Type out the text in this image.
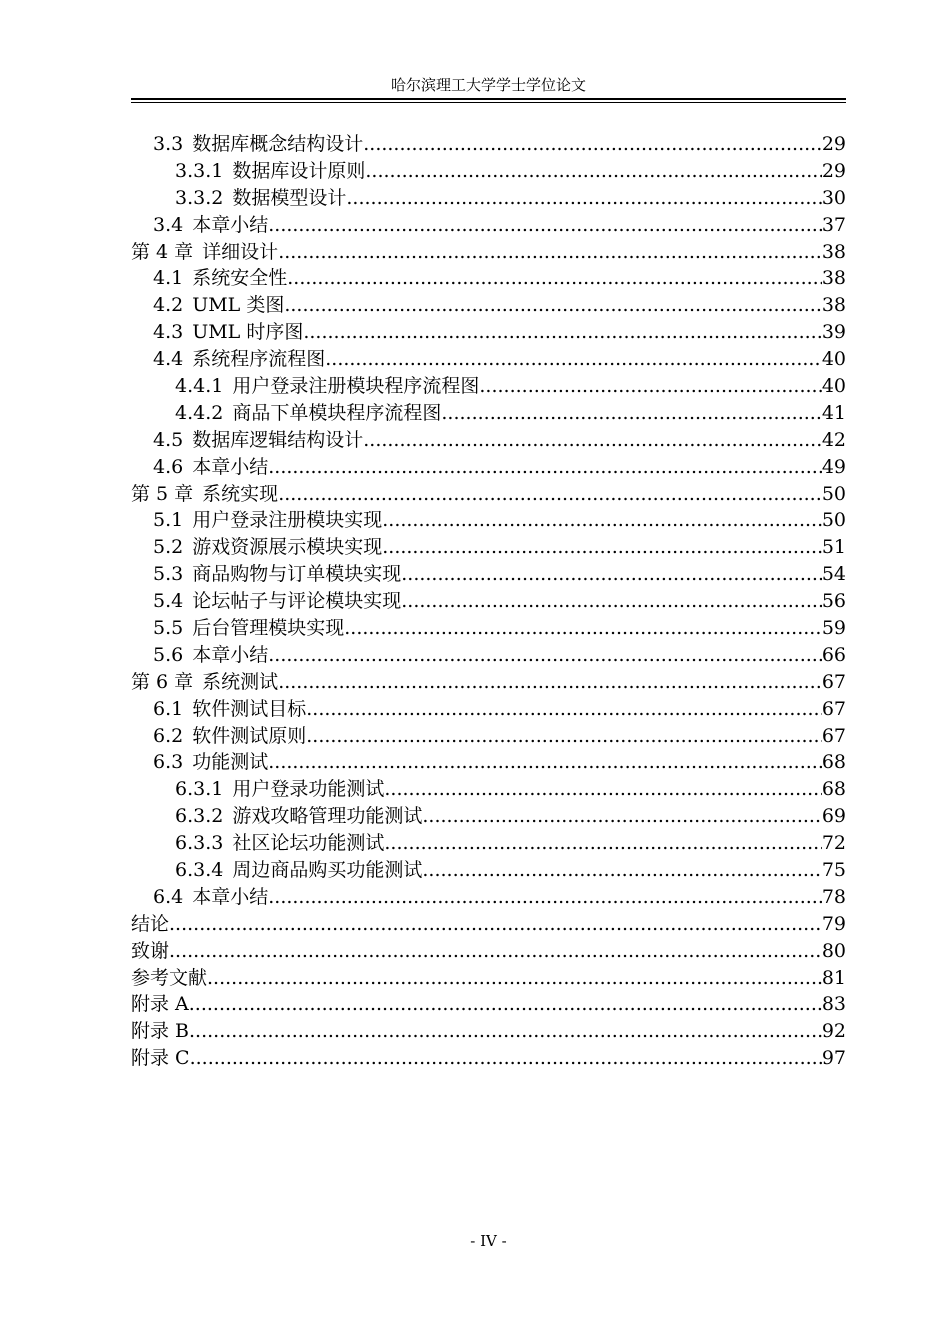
哈尔滨理工大学学士学位论文
3.3 数据库概念结构设计 .....	29
3.3.1 数据库设计原则 .....	29
3.3.2 数据模型设计 .....	30
3.4 本章小结 .....	37
第 4 章 详细设计 .....	38
4.1 系统安全性 .....	38
4.2 UML 类图 .....	38
4.3 UML 时序图 .....	39
4.4 系统程序流程图 .....	40
4.4.1 用户登录注册模块程序流程图 .....	40
4.4.2 商品下单模块程序流程图 .....	41
4.5 数据库逻辑结构设计 .....	42
4.6 本章小结 .....	49
第 5 章 系统实现 .....	50
5.1 用户登录注册模块实现 .....	50
5.2 游戏资源展示模块实现 .....	51
5.3 商品购物与订单模块实现 .....	54
5.4 论坛帖子与评论模块实现 .....	56
5.5 后台管理模块实现 .....	59
5.6 本章小结 .....	66
第 6 章 系统测试 .....	67
6.1 软件测试目标 .....	67
6.2 软件测试原则 .....	67
6.3 功能测试 .....	68
6.3.1 用户登录功能测试 .....	68
6.3.2 游戏攻略管理功能测试 .....	69
6.3.3 社区论坛功能测试 .....	72
6.3.4 周边商品购买功能测试 .....	75
6.4 本章小结 .....	78
结论 .....	79
致谢 .....	80
参考文献 .....	81
附录 A .....	83
附录 B .....	92
附录 C .....	97
- IV -
